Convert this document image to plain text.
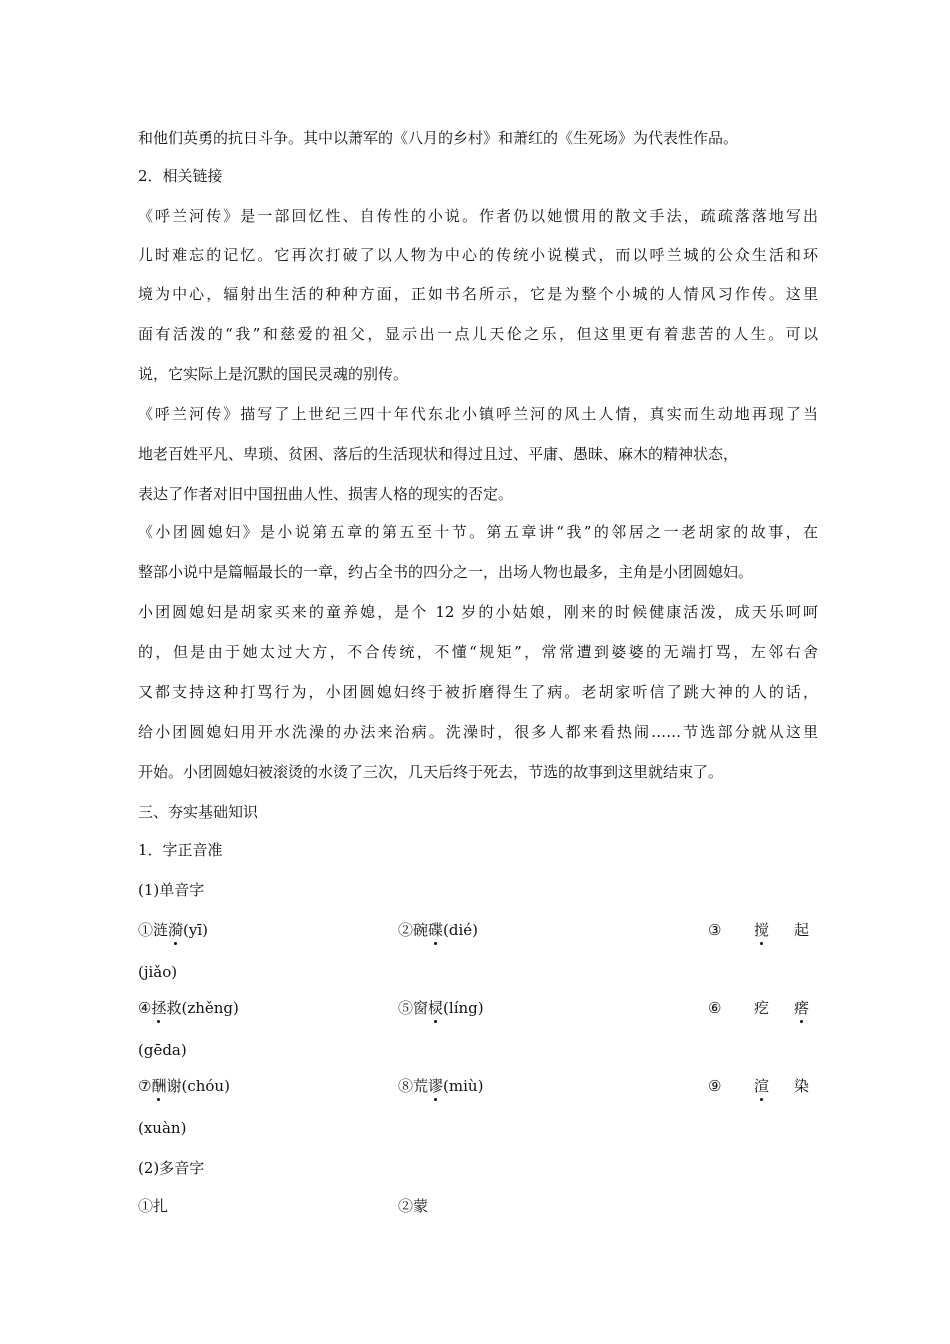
和他们英勇的抗日斗争。其中以萧军的《八月的乡村》和萧红的《生死场》为代表性作品。
2．相关链接
《呼兰河传》是一部回忆性、自传性的小说。作者仍以她惯用的散文手法，疏疏落落地写出
儿时难忘的记忆。它再次打破了以人物为中心的传统小说模式，而以呼兰城的公众生活和环
境为中心，辐射出生活的种种方面，正如书名所示，它是为整个小城的人情风习作传。这里
面有活泼的“我”和慈爱的祖父，显示出一点儿天伦之乐，但这里更有着悲苦的人生。可以
说，它实际上是沉默的国民灵魂的别传。
《呼兰河传》描写了上世纪三四十年代东北小镇呼兰河的风土人情，真实而生动地再现了当
地老百姓平凡、卑琐、贫困、落后的生活现状和得过且过、平庸、愚昧、麻木的精神状态，
表达了作者对旧中国扭曲人性、损害人格的现实的否定。
《小团圆媳妇》是小说第五章的第五至十节。第五章讲“我”的邻居之一老胡家的故事，在
整部小说中是篇幅最长的一章，约占全书的四分之一，出场人物也最多，主角是小团圆媳妇。
小团圆媳妇是胡家买来的童养媳，是个 12 岁的小姑娘，刚来的时候健康活泼，成天乐呵呵
的，但是由于她太过大方，不合传统，不懂“规矩”，常常遭到婆婆的无端打骂，左邻右舍
又都支持这种打骂行为，小团圆媳妇终于被折磨得生了病。老胡家听信了跳大神的人的话，
给小团圆媳妇用开水洗澡的办法来治病。洗澡时，很多人都来看热闹……节选部分就从这里
开始。小团圆媳妇被滚烫的水烫了三次，几天后终于死去，节选的故事到这里就结束了。
三、夯实基础知识
1．字正音准
(1)单音字
①涟漪(yī)	②碗碟(dié)	③ 搅 起
(jiǎo)
④拯救(zhěng)	⑤窗棂(líng)	⑥ 疙 瘩
(gēda)
⑦酬谢(chóu)	⑧荒谬(miù)	⑨ 渲 染
(xuàn)
(2)多音字
①扎	②蒙
